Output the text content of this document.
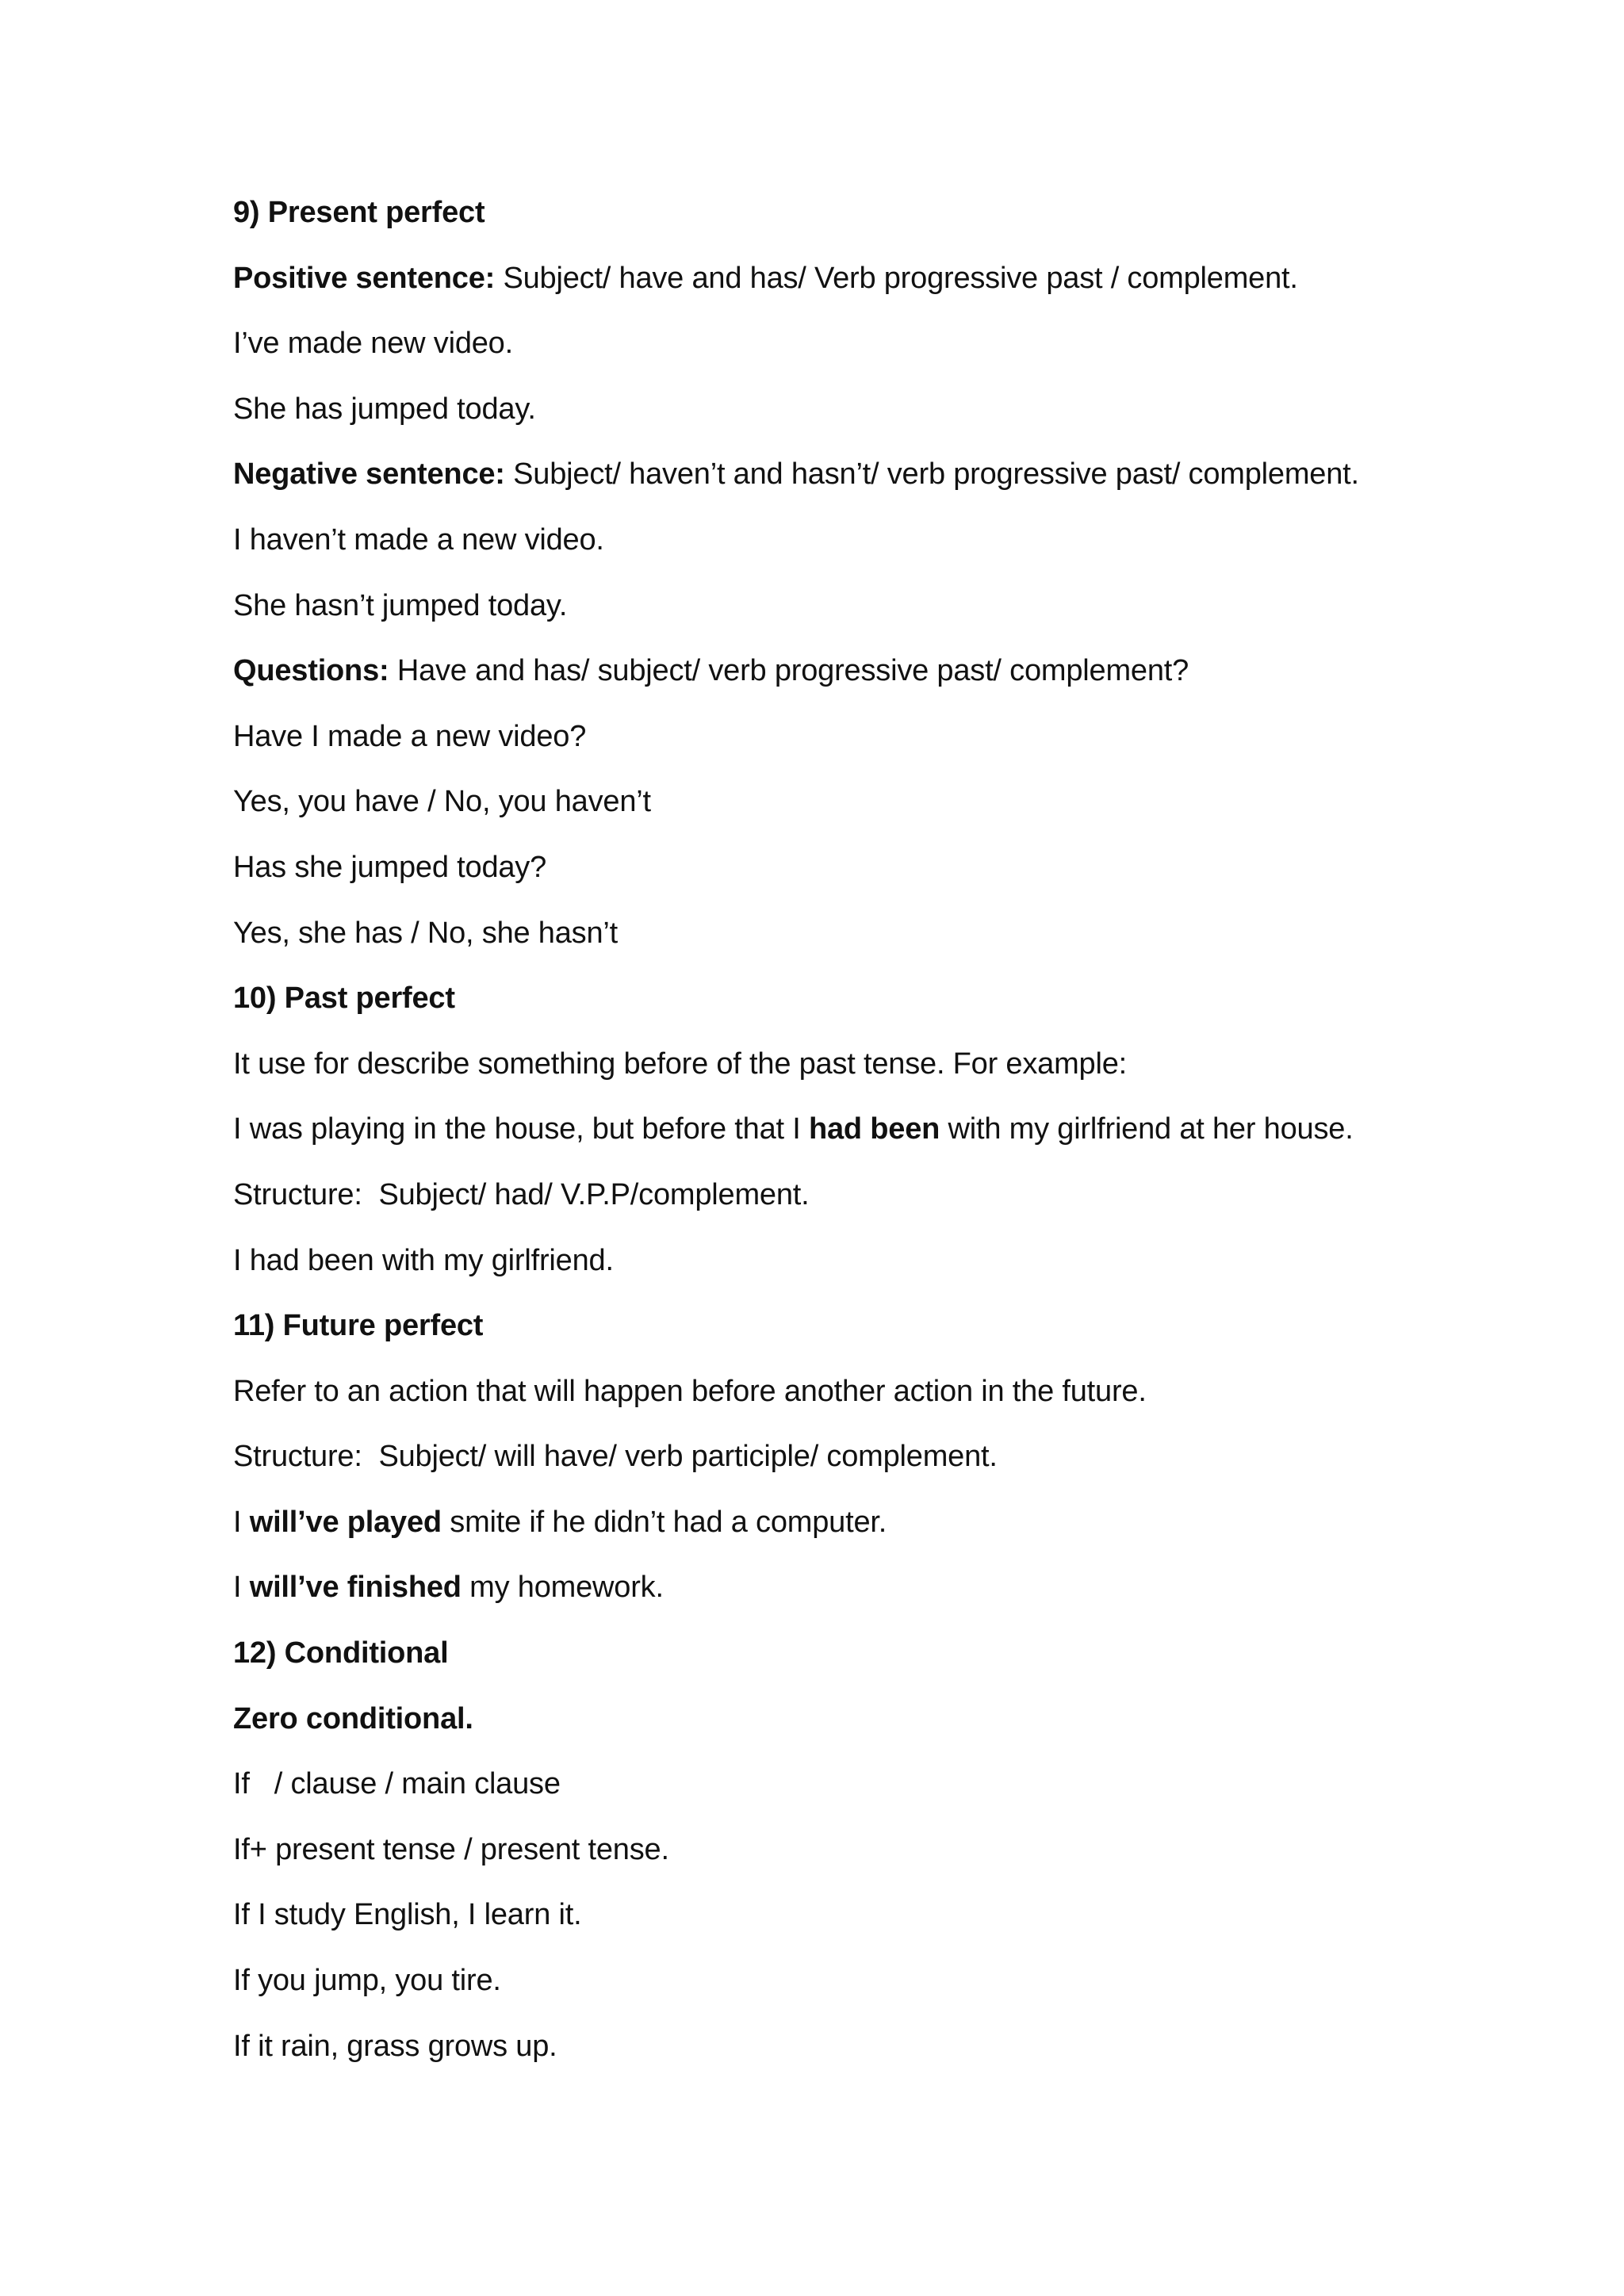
9) Present perfect
Positive sentence: Subject/ have and has/ Verb progressive past / complement.
I’ve made new video.
She has jumped today.
Negative sentence: Subject/ haven’t and hasn’t/ verb progressive past/ complement.
I haven’t made a new video.
She hasn’t jumped today.
Questions: Have and has/ subject/ verb progressive past/ complement?
Have I made a new video?
Yes, you have / No, you haven’t
Has she jumped today?
Yes, she has / No, she hasn’t
10) Past perfect
It use for describe something before of the past tense. For example:
I was playing in the house, but before that I had been with my girlfriend at her house.
Structure:  Subject/ had/ V.P.P/complement.
I had been with my girlfriend.
11) Future perfect
Refer to an action that will happen before another action in the future.
Structure:  Subject/ will have/ verb participle/ complement.
I will’ve played smite if he didn’t had a computer.
I will’ve finished my homework.
12) Conditional
Zero conditional.
If   / clause / main clause
If+ present tense / present tense.
If I study English, I learn it.
If you jump, you tire.
If it rain, grass grows up.
